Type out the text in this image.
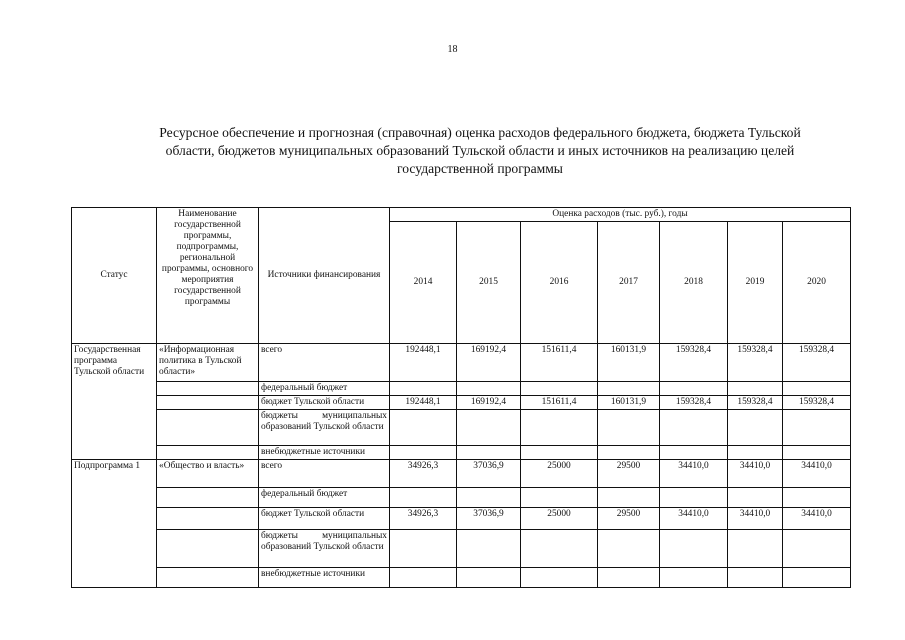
18
Ресурсное обеспечение и прогнозная (справочная) оценка расходов федерального бюджета, бюджета Тульской
области, бюджетов муниципальных образований Тульской области и иных источников на реализацию целей
государственной программы
Статус	Наименование государственной программы, подпрограммы, региональной программы, основного мероприятия государственной программы	Источники финансирования	Оценка расходов (тыс. руб.), годы						
			2014	2015	2016	2017	2018	2019	2020
Государственная программа Тульской области	«Информационная политика в Тульской области»	всего	192448,1	169192,4	151611,4	160131,9	159328,4	159328,4	159328,4
		федеральный бюджет							
		бюджет Тульской области	192448,1	169192,4	151611,4	160131,9	159328,4	159328,4	159328,4
		бюджеты муниципальных образований Тульской области							
		внебюджетные источники							
Подпрограмма 1	«Общество и власть»	всего	34926,3	37036,9	25000	29500	34410,0	34410,0	34410,0
		федеральный бюджет							
		бюджет Тульской области	34926,3	37036,9	25000	29500	34410,0	34410,0	34410,0
		бюджеты муниципальных образований Тульской области							
		внебюджетные источники							
